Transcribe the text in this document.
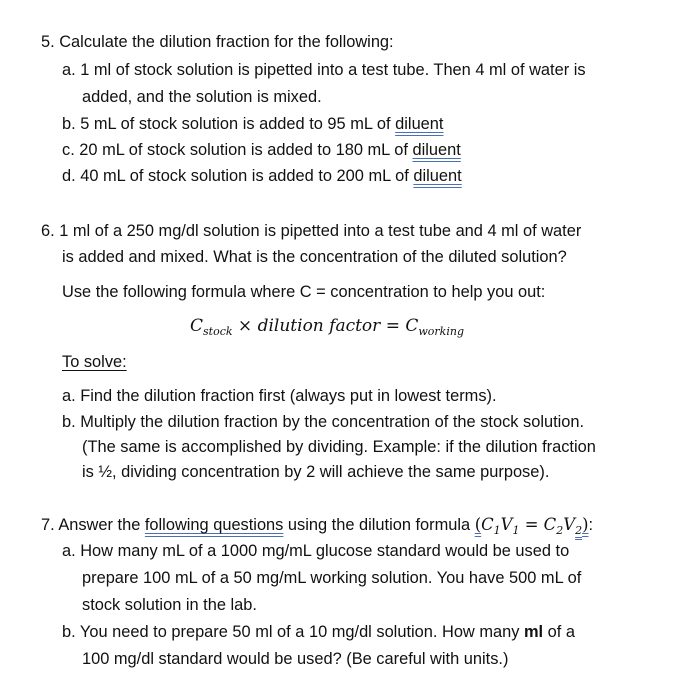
5. Calculate the dilution fraction for the following:
a. 1 ml of stock solution is pipetted into a test tube. Then 4 ml of water is
added, and the solution is mixed.
b. 5 mL of stock solution is added to 95 mL of diluent
c. 20 mL of stock solution is added to 180 mL of diluent
d. 40 mL of stock solution is added to 200 mL of diluent
6. 1 ml of a 250 mg/dl solution is pipetted into a test tube and 4 ml of water
is added and mixed. What is the concentration of the diluted solution?
Use the following formula where C = concentration to help you out:
$C_{stock}$ × dilution factor = $C_{working}$
To solve:
a. Find the dilution fraction first (always put in lowest terms).
b. Multiply the dilution fraction by the concentration of the stock solution.
(The same is accomplished by dividing. Example: if the dilution fraction
is ½, dividing concentration by 2 will achieve the same purpose).
7. Answer the following questions using the dilution formula $(C_1V_1 = C_2V_2)$:
a. How many mL of a 1000 mg/mL glucose standard would be used to
prepare 100 mL of a 50 mg/mL working solution. You have 500 mL of
stock solution in the lab.
b. You need to prepare 50 ml of a 10 mg/dl solution. How many ml of a
100 mg/dl standard would be used? (Be careful with units.)
